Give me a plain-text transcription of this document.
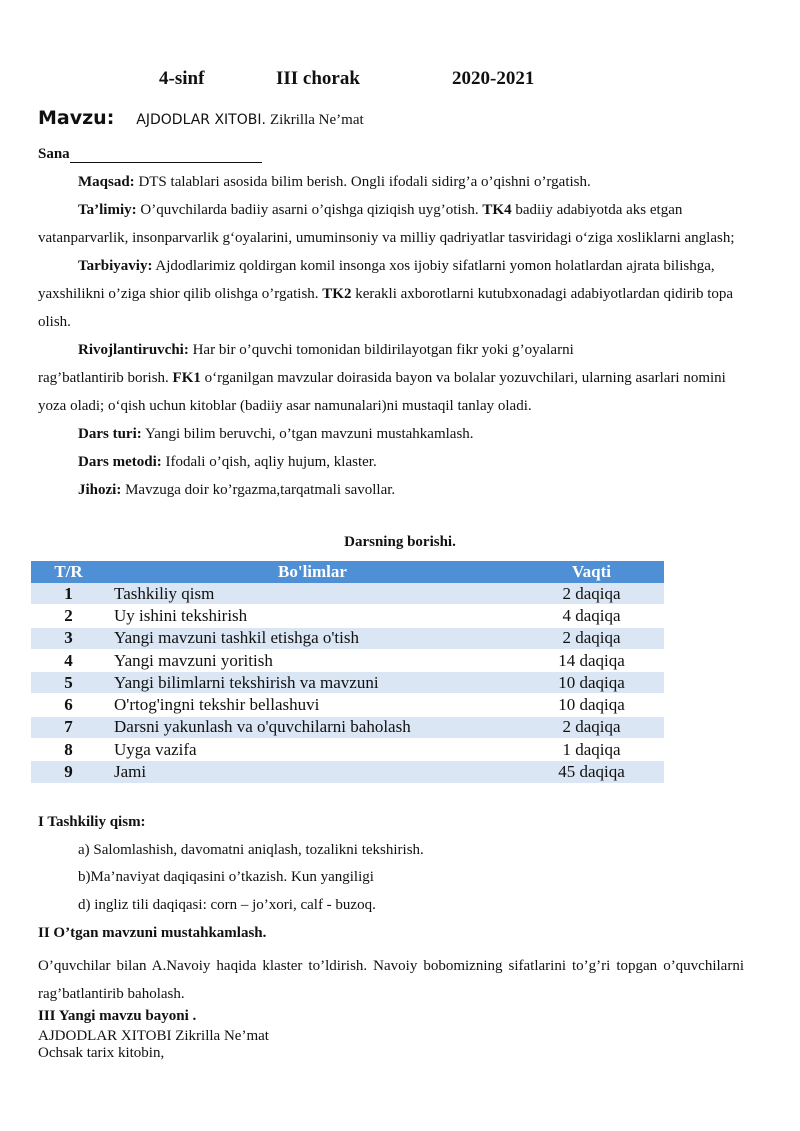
4-sinf	III chorak	2020-2021
Mavzu: AJDODLAR XITOBI. Zikrilla Ne’mat
Sana
Maqsad: DTS talablari asosida bilim berish. Ongli ifodali sidirg’a o’qishni o’rgatish.
Ta’limiy: O’quvchilarda badiiy asarni o’qishga qiziqish uyg’otish. TK4 badiiy adabiyotda aks etgan vatanparvarlik, insonparvarlik g‘oyalarini, umuminsoniy va milliy qadriyatlar tasviridagi o‘ziga xosliklarni anglash;
Tarbiyaviy: Ajdodlarimiz qoldirgan komil insonga xos ijobiy sifatlarni yomon holatlardan ajrata bilishga, yaxshilikni o’ziga shior qilib olishga o’rgatish. TK2 kerakli axborotlarni kutubxonadagi adabiyotlardan qidirib topa olish.
Rivojlantiruvchi: Har bir o’quvchi tomonidan bildirilayotgan fikr yoki g’oyalarni
rag’batlantirib borish. FK1 o‘rganilgan mavzular doirasida bayon va bolalar yozuvchilari, ularning asarlari nomini yoza oladi; o‘qish uchun kitoblar (badiiy asar namunalari)ni mustaqil tanlay oladi.
Dars turi: Yangi bilim beruvchi, o’tgan mavzuni mustahkamlash.
Dars metodi: Ifodali o’qish, aqliy hujum, klaster.
Jihozi: Mavzuga doir ko’rgazma,tarqatmali savollar.
Darsning borishi.
T/R	Bo'limlar	Vaqti
1	Tashkiliy qism	2 daqiqa
2	Uy ishini tekshirish	4 daqiqa
3	Yangi mavzuni tashkil etishga o'tish	2 daqiqa
4	Yangi mavzuni yoritish	14 daqiqa
5	Yangi bilimlarni tekshirish va mavzuni	10 daqiqa
6	O'rtog'ingni tekshir bellashuvi	10 daqiqa
7	Darsni yakunlash va o'quvchilarni baholash	2 daqiqa
8	Uyga vazifa	1 daqiqa
9	Jami	45 daqiqa
I Tashkiliy qism:
a) Salomlashish, davomatni aniqlash, tozalikni tekshirish.
b)Ma’naviyat daqiqasini o’tkazish. Kun yangiligi
d) ingliz tili daqiqasi: corn – jo’xori, calf - buzoq.
II O’tgan mavzuni mustahkamlash.
O’quvchilar bilan A.Navoiy haqida klaster to’ldirish. Navoiy bobomizning sifatlarini to’g’ri topgan o’quvchilarni rag’batlantirib baholash.
III Yangi mavzu bayoni .
AJDODLAR XITOBI Zikrilla Ne’mat
Ochsak tarix kitobin,
